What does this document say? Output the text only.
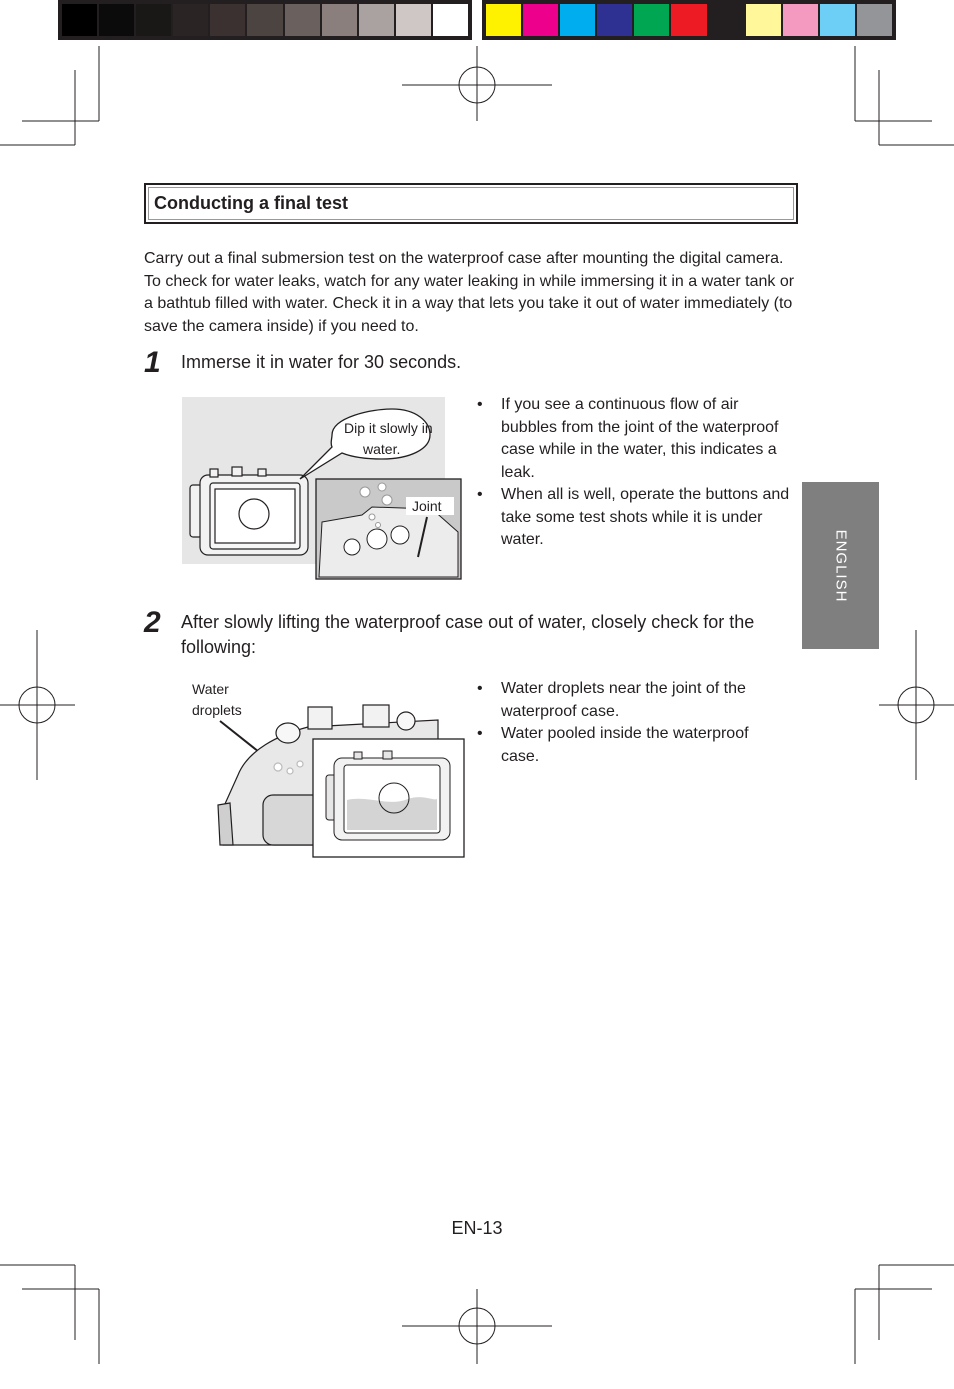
Conducting a final test
Carry out a final submersion test on the waterproof case after mounting the digital camera. To check for water leaks, watch for any water leaking in while immersing it in a water tank or a bathtub filled with water. Check it in a way that lets you take it out of water immediately (to save the camera inside) if you need to.
1 Immerse it in water for 30 seconds.
Dip it slowly in
water.
Joint
• If you see a continuous flow of air bubbles from the joint of the waterproof case while in the water, this indicates a leak.
• When all is well, operate the buttons and take some test shots while it is under water.	ENGLISH
2 After slowly lifting the waterproof case out of water, closely check for the following:
Water
droplets
• Water droplets near the joint of the waterproof case.
• Water pooled inside the waterproof case.
EN-13
